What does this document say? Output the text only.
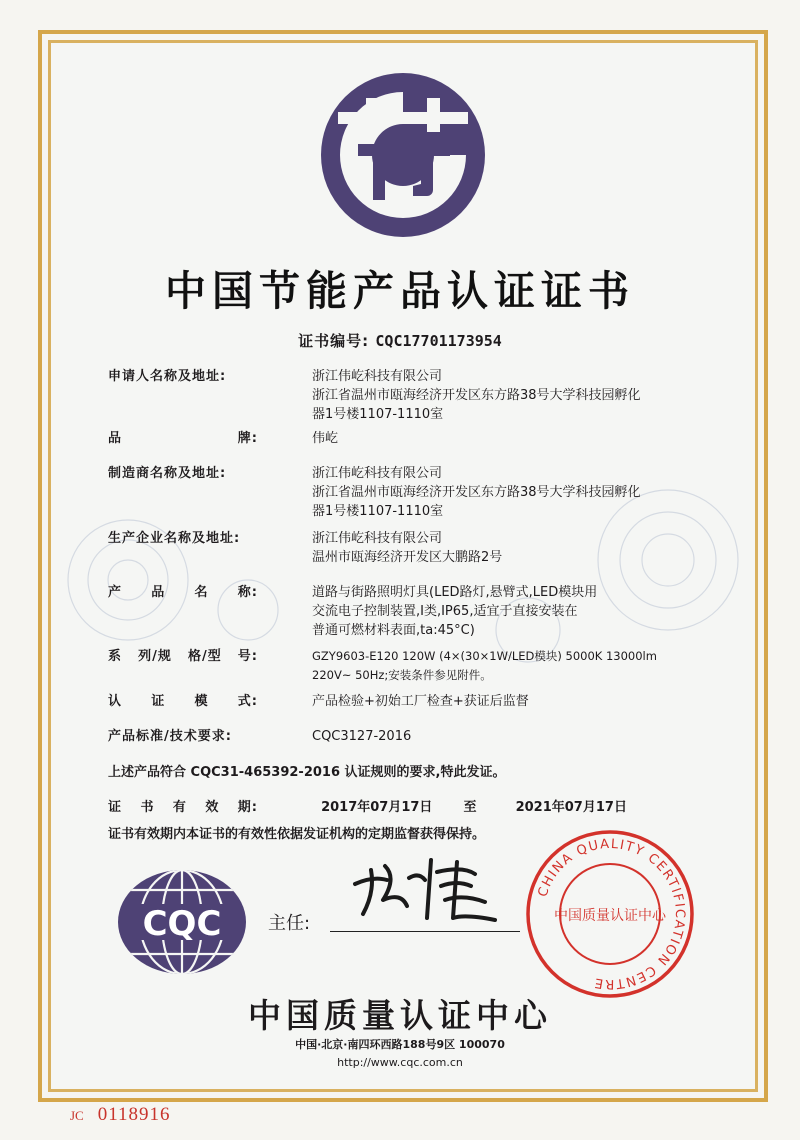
中国节能产品认证证书
证书编号: CQC17701173954
申请人名称及地址:	浙江伟屹科技有限公司
浙江省温州市瓯海经济开发区东方路38号大学科技园孵化
器1号楼1107-1110室
品	牌:	伟屹
制造商名称及地址:	浙江伟屹科技有限公司
浙江省温州市瓯海经济开发区东方路38号大学科技园孵化
器1号楼1107-1110室
生产企业名称及地址:	浙江伟屹科技有限公司
温州市瓯海经济开发区大鹏路2号
产 品 名 称:	道路与街路照明灯具(LED路灯,悬臂式,LED模块用
交流电子控制装置,Ⅰ类,IP65,适宜于直接安装在
普通可燃材料表面,ta:45°C)
系 列/规 格/型 号:	GZY9603-E120 120W (4×(30×1W/LED模块) 5000K 13000lm
220V~ 50Hz;安装条件参见附件。
认 证 模 式:	产品检验+初始工厂检查+获证后监督
产品标准/技术要求:	CQC3127-2016
上述产品符合 CQC31-465392-2016 认证规则的要求,特此发证。
证 书 有 效 期:	2017年07月17日 至	2021年07月17日
证书有效期内本证书的有效性依据发证机构的定期监督获得保持。
CQC	主任:
CHINA QUALITY CERTIFICATION CENTRE
中国质量认证中心
中国质量认证中心
中国·北京·南四环西路188号9区 100070
http://www.cqc.com.cn
JC 0118916
